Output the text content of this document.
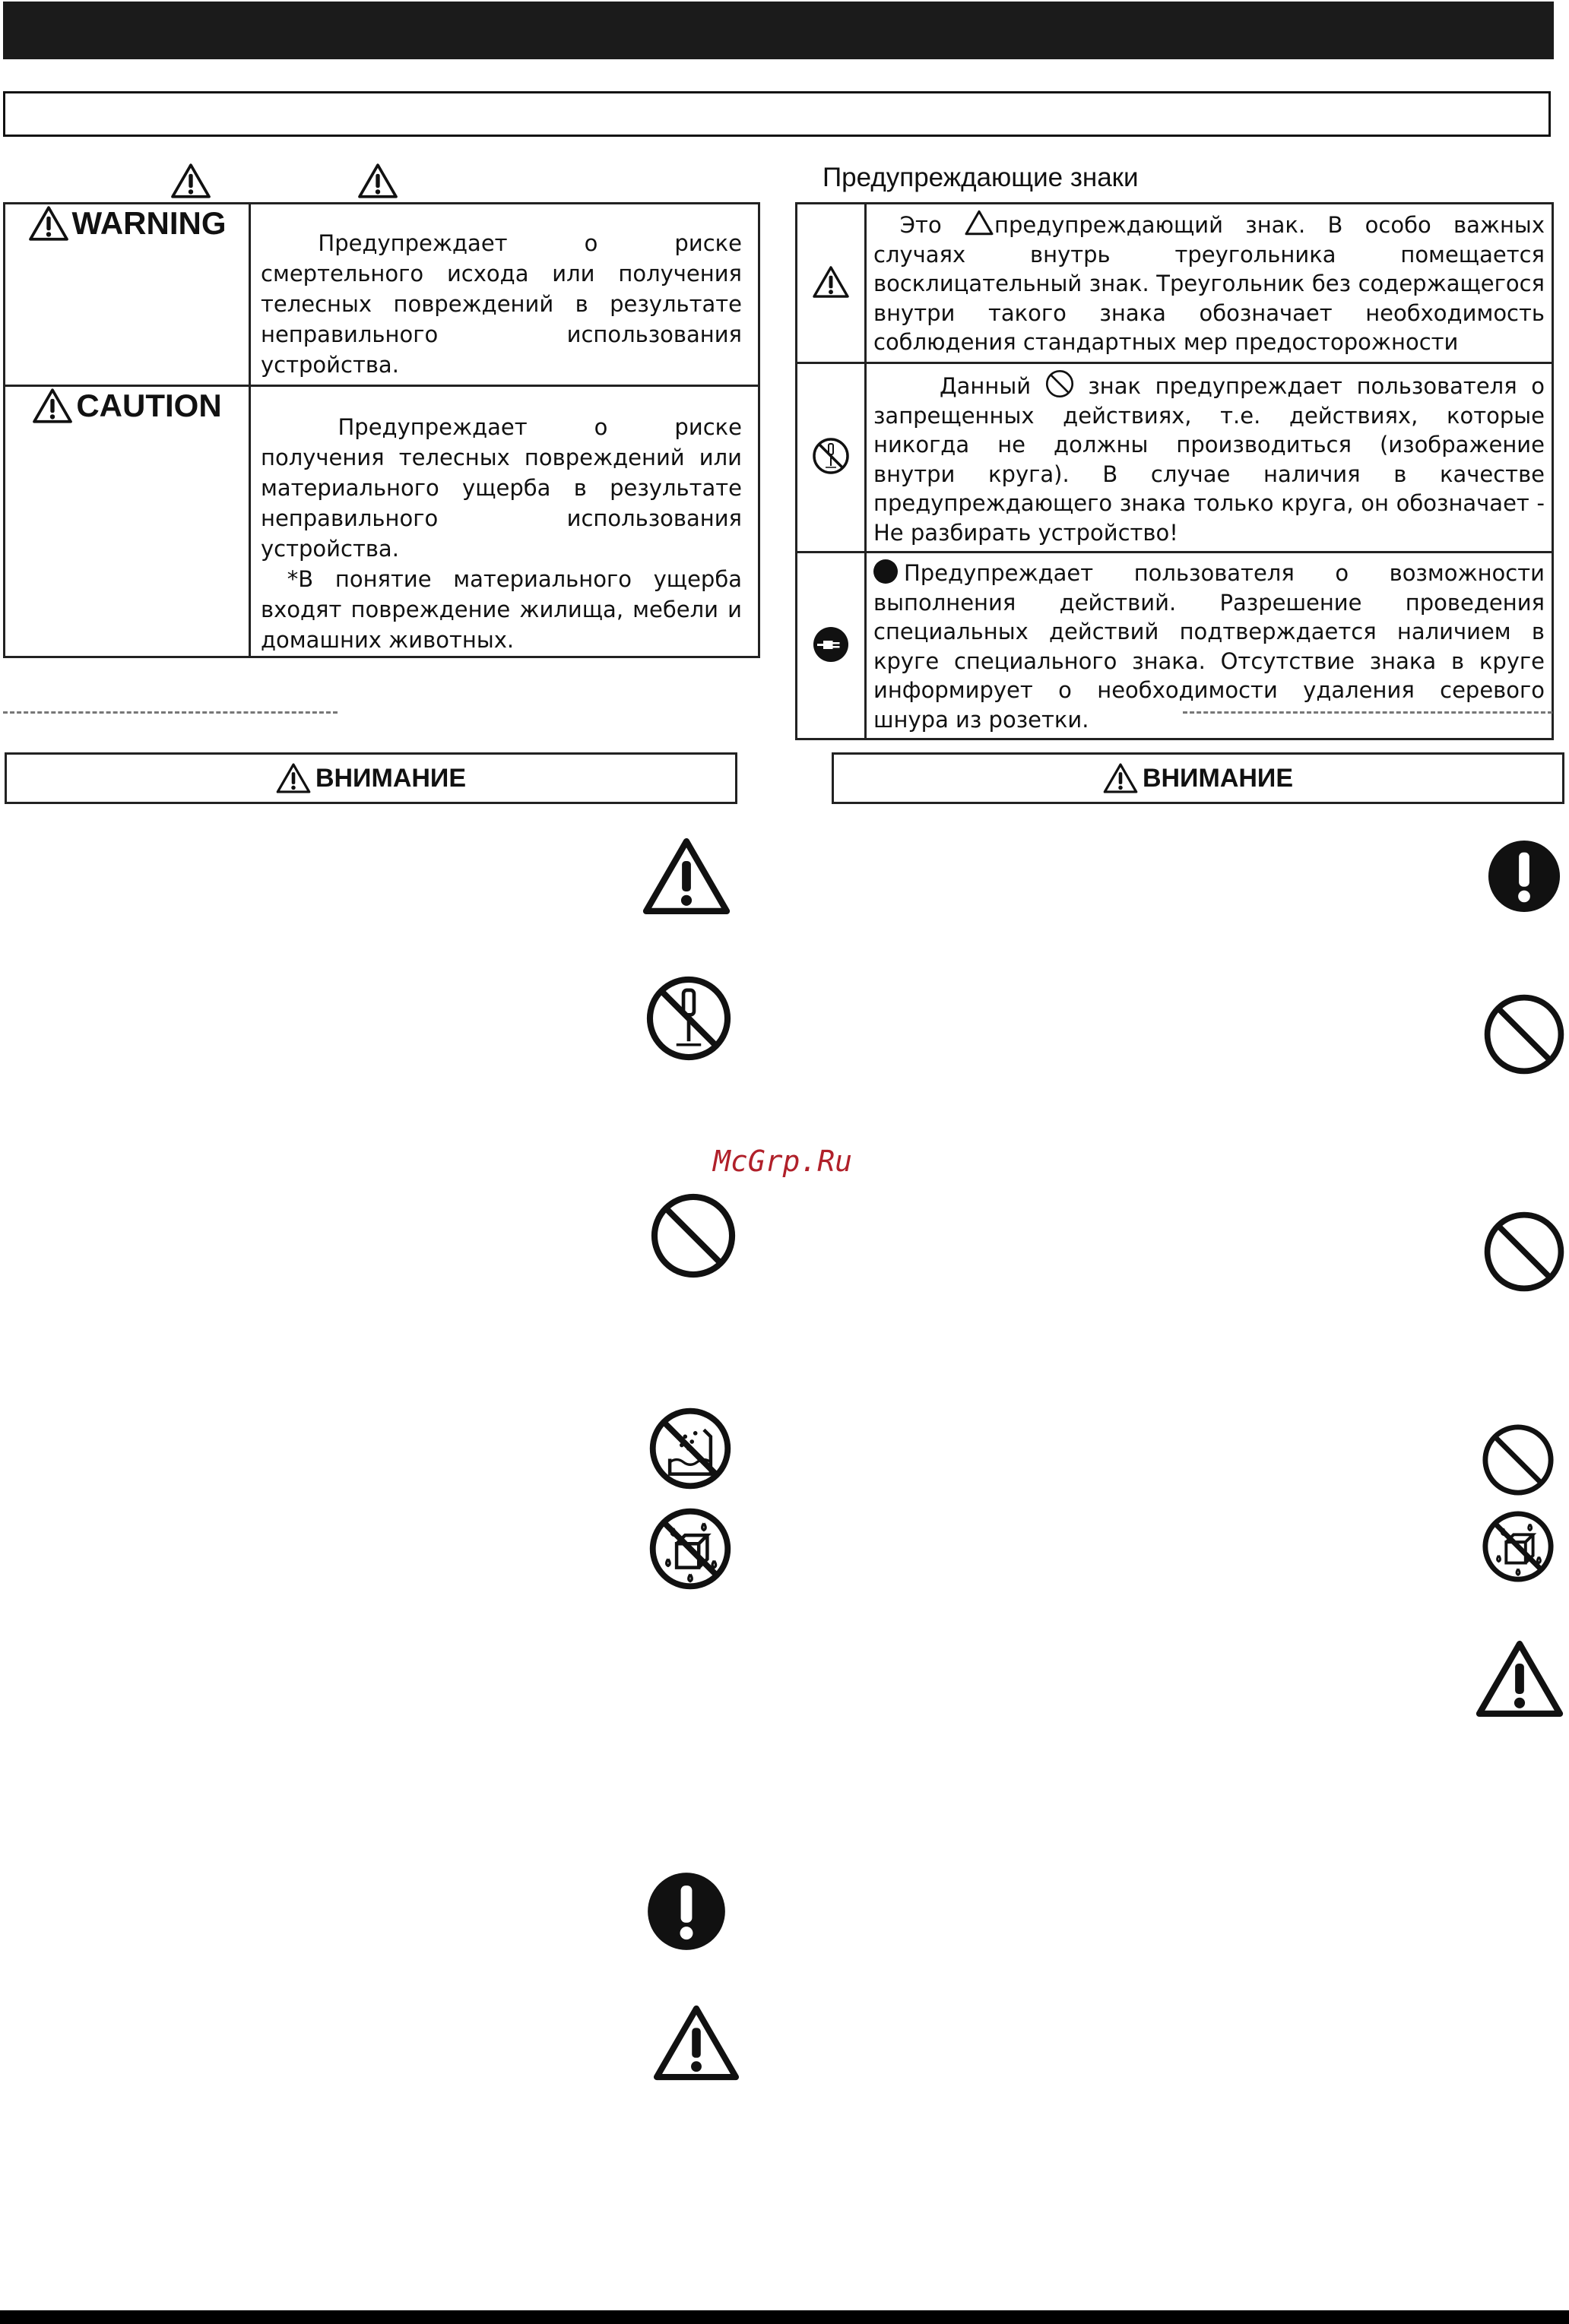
Предупреждающие знаки
WARNING	Предупреждает о риске смертельного исхода или получения телесных повреждений в результате неправильного использования устройства.

CAUTION	Предупреждает о риске получения телесных повреждений или материального ущерба в результате неправильного использования устройства.
*В понятие материального ущерба входят повреждение жилища, мебели и домашних животных.

Это предупреждающий знак. В особо важных случаях внутрь треугольника помещается восклицательный знак. Треугольник без содержащегося внутри такого знака обозначает необходимость соблюдения стандартных мер предосторожности

Данный знак предупреждает пользователя о запрещенных действиях, т.е. действиях, которые никогда не должны производиться (изображение внутри круга). В случае наличия в качестве предупреждающего знака только круга, он обозначает - Не разбирать устройство!

Предупреждает пользователя о возможности выполнения действий. Разрешение проведения специальных действий подтверждается наличием в круге специального знака. Отсутствие знака в круге информирует о необходимости удаления серевого шнура из розетки.
ВНИМАНИЕ	ВНИМАНИЕ
McGrp.Ru
